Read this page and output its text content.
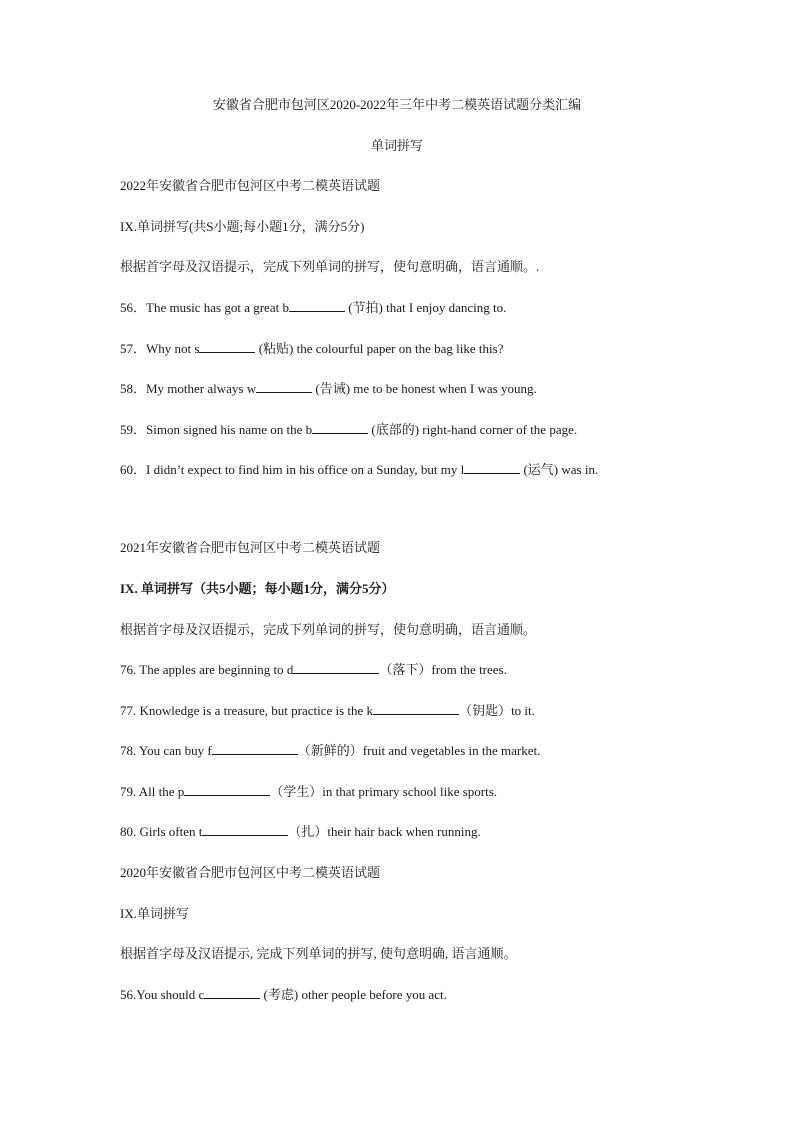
安徽省合肥市包河区2020-2022年三年中考二模英语试题分类汇编
单词拼写
2022年安徽省合肥市包河区中考二模英语试题
IX.单词拼写(共S小题;每小题1分，满分5分)
根据首字母及汉语提示，完成下列单词的拼写，使句意明确，语言通顺。.
56．The music has got a great b	(节拍) that I enjoy dancing to.
57．Why not s	(粘贴) the colourful paper on the bag like this?
58．My mother always w	(告诫) me to be honest when I was young.
59．Simon signed his name on the b	(底部的) right-hand corner of the page.
60．I didn’t expect to find him in his office on a Sunday, but my l	(运气) was in.
2021年安徽省合肥市包河区中考二模英语试题
IX. 单词拼写（共5小题；每小题1分，满分5分）
根据首字母及汉语提示，完成下列单词的拼写，使句意明确，语言通顺。
76. The apples are beginning to d	（落下）from the trees.
77. Knowledge is a treasure, but practice is the k	（钥匙）to it.
78. You can buy f	（新鲜的）fruit and vegetables in the market.
79. All the p	（学生）in that primary school like sports.
80. Girls often t	（扎）their hair back when running.
2020年安徽省合肥市包河区中考二模英语试题
IX.单词拼写
根据首字母及汉语提示, 完成下列单词的拼写, 使句意明确, 语言通顺。
56.You should c	(考虑) other people before you act.
